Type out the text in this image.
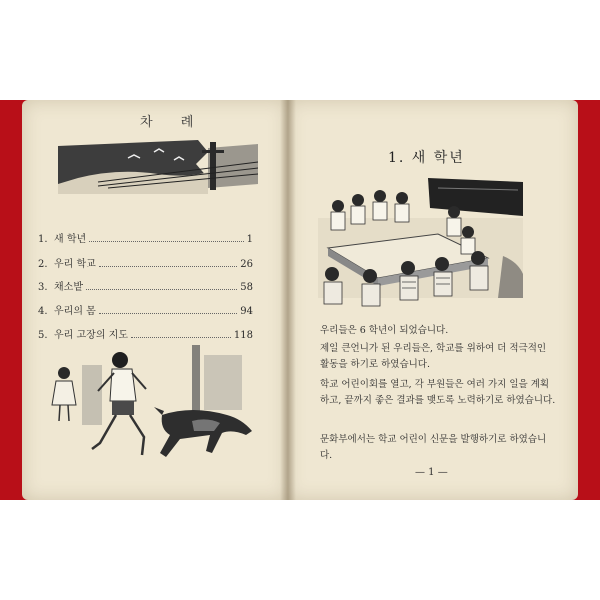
차 례
1. 새 학년	1
2. 우리 학교	26
3. 채소밭	58
4. 우리의 몸	94
5. 우리 고장의 지도	118
1. 새 학년

우리들은 6 학년이 되었습니다.

제일 큰언니가 된 우리들은, 학교를 위하여 더 적극적인 활동을 하기로 하였습니다.

학교 어린이회를 열고, 각 부원들은 여러 가지 일을 계획하고, 끝까지 좋은 결과를 맺도록 노력하기로 하였습니다.

문화부에서는 학교 어린이 신문을 발행하기로 하였습니다.

— 1 —
